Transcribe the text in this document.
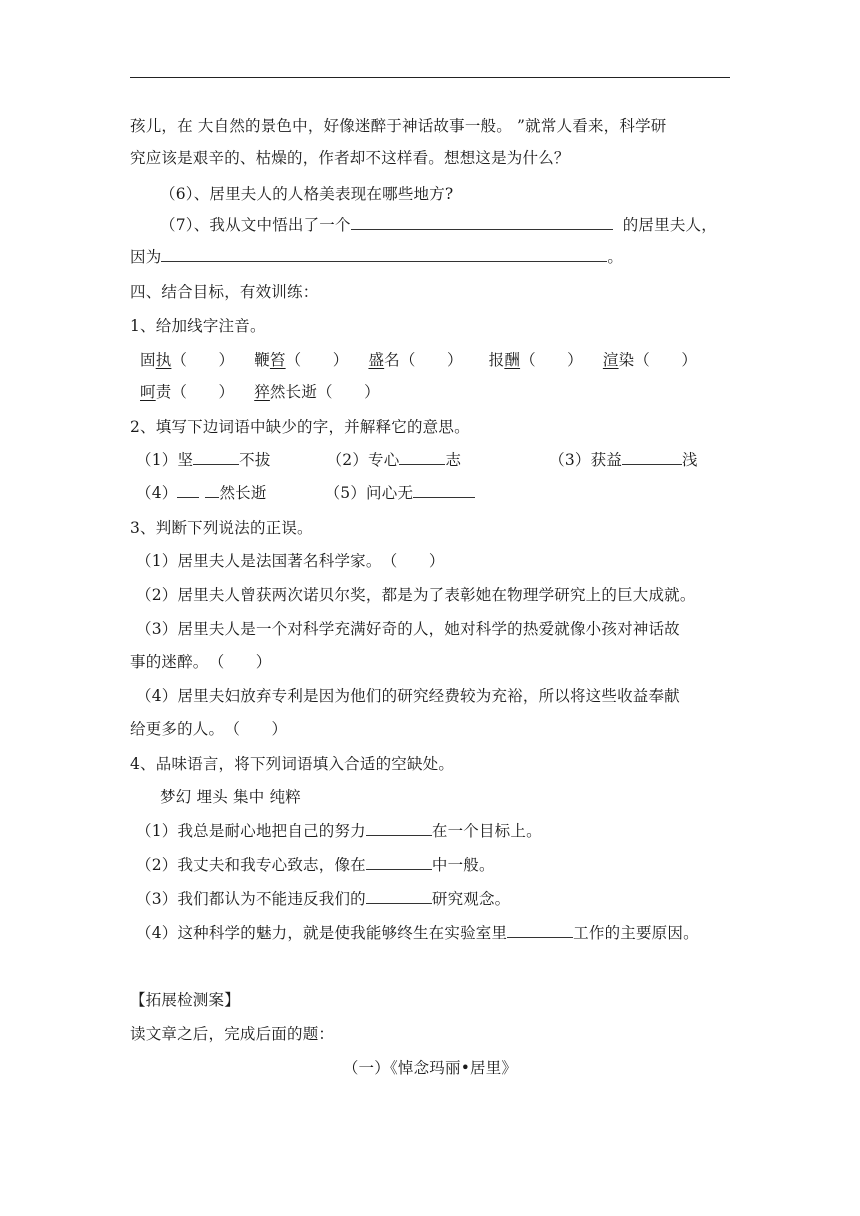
孩儿，在 大自然的景色中，好像迷醉于神话故事一般。 ”就常人看来，科学研
究应该是艰辛的、枯燥的，作者却不这样看。想想这是为什么？
（6）、居里夫人的人格美表现在哪些地方?
（7）、我从文中悟出了一个	的居里夫人，
因为	。
四、结合目标，有效训练：
1、给加线字注音。
固执（　　） 鞭笞（　　） 盛名（　　） 报酬（　　） 渲染（　　）
呵责（　　） 猝然长逝（　　）
2、填写下边词语中缺少的字，并解释它的意思。
（1）坚	不拔	（2）专心	志	（3）获益	浅
（4）	然长逝	（5）问心无
3、判断下列说法的正误。
（1）居里夫人是法国著名科学家。　（　　）
（2）居里夫人曾获两次诺贝尔奖，都是为了表彰她在物理学研究上的巨大成就。
（3）居里夫人是一个对科学充满好奇的人，她对科学的热爱就像小孩对神话故
事的迷醉。　（　　）
（4）居里夫妇放弃专利是因为他们的研究经费较为充裕，所以将这些收益奉献
给更多的人。　（　　）
4、品味语言，将下列词语填入合适的空缺处。
梦幻 埋头 集中 纯粹
（1）我总是耐心地把自己的努力	在一个目标上。
（2）我丈夫和我专心致志，像在	中一般。
（3）我们都认为不能违反我们的	研究观念。
（4）这种科学的魅力，就是使我能够终生在实验室里	工作的主要原因。
【拓展检测案】
读文章之后，完成后面的题：
（一）《悼念玛丽•居里》
